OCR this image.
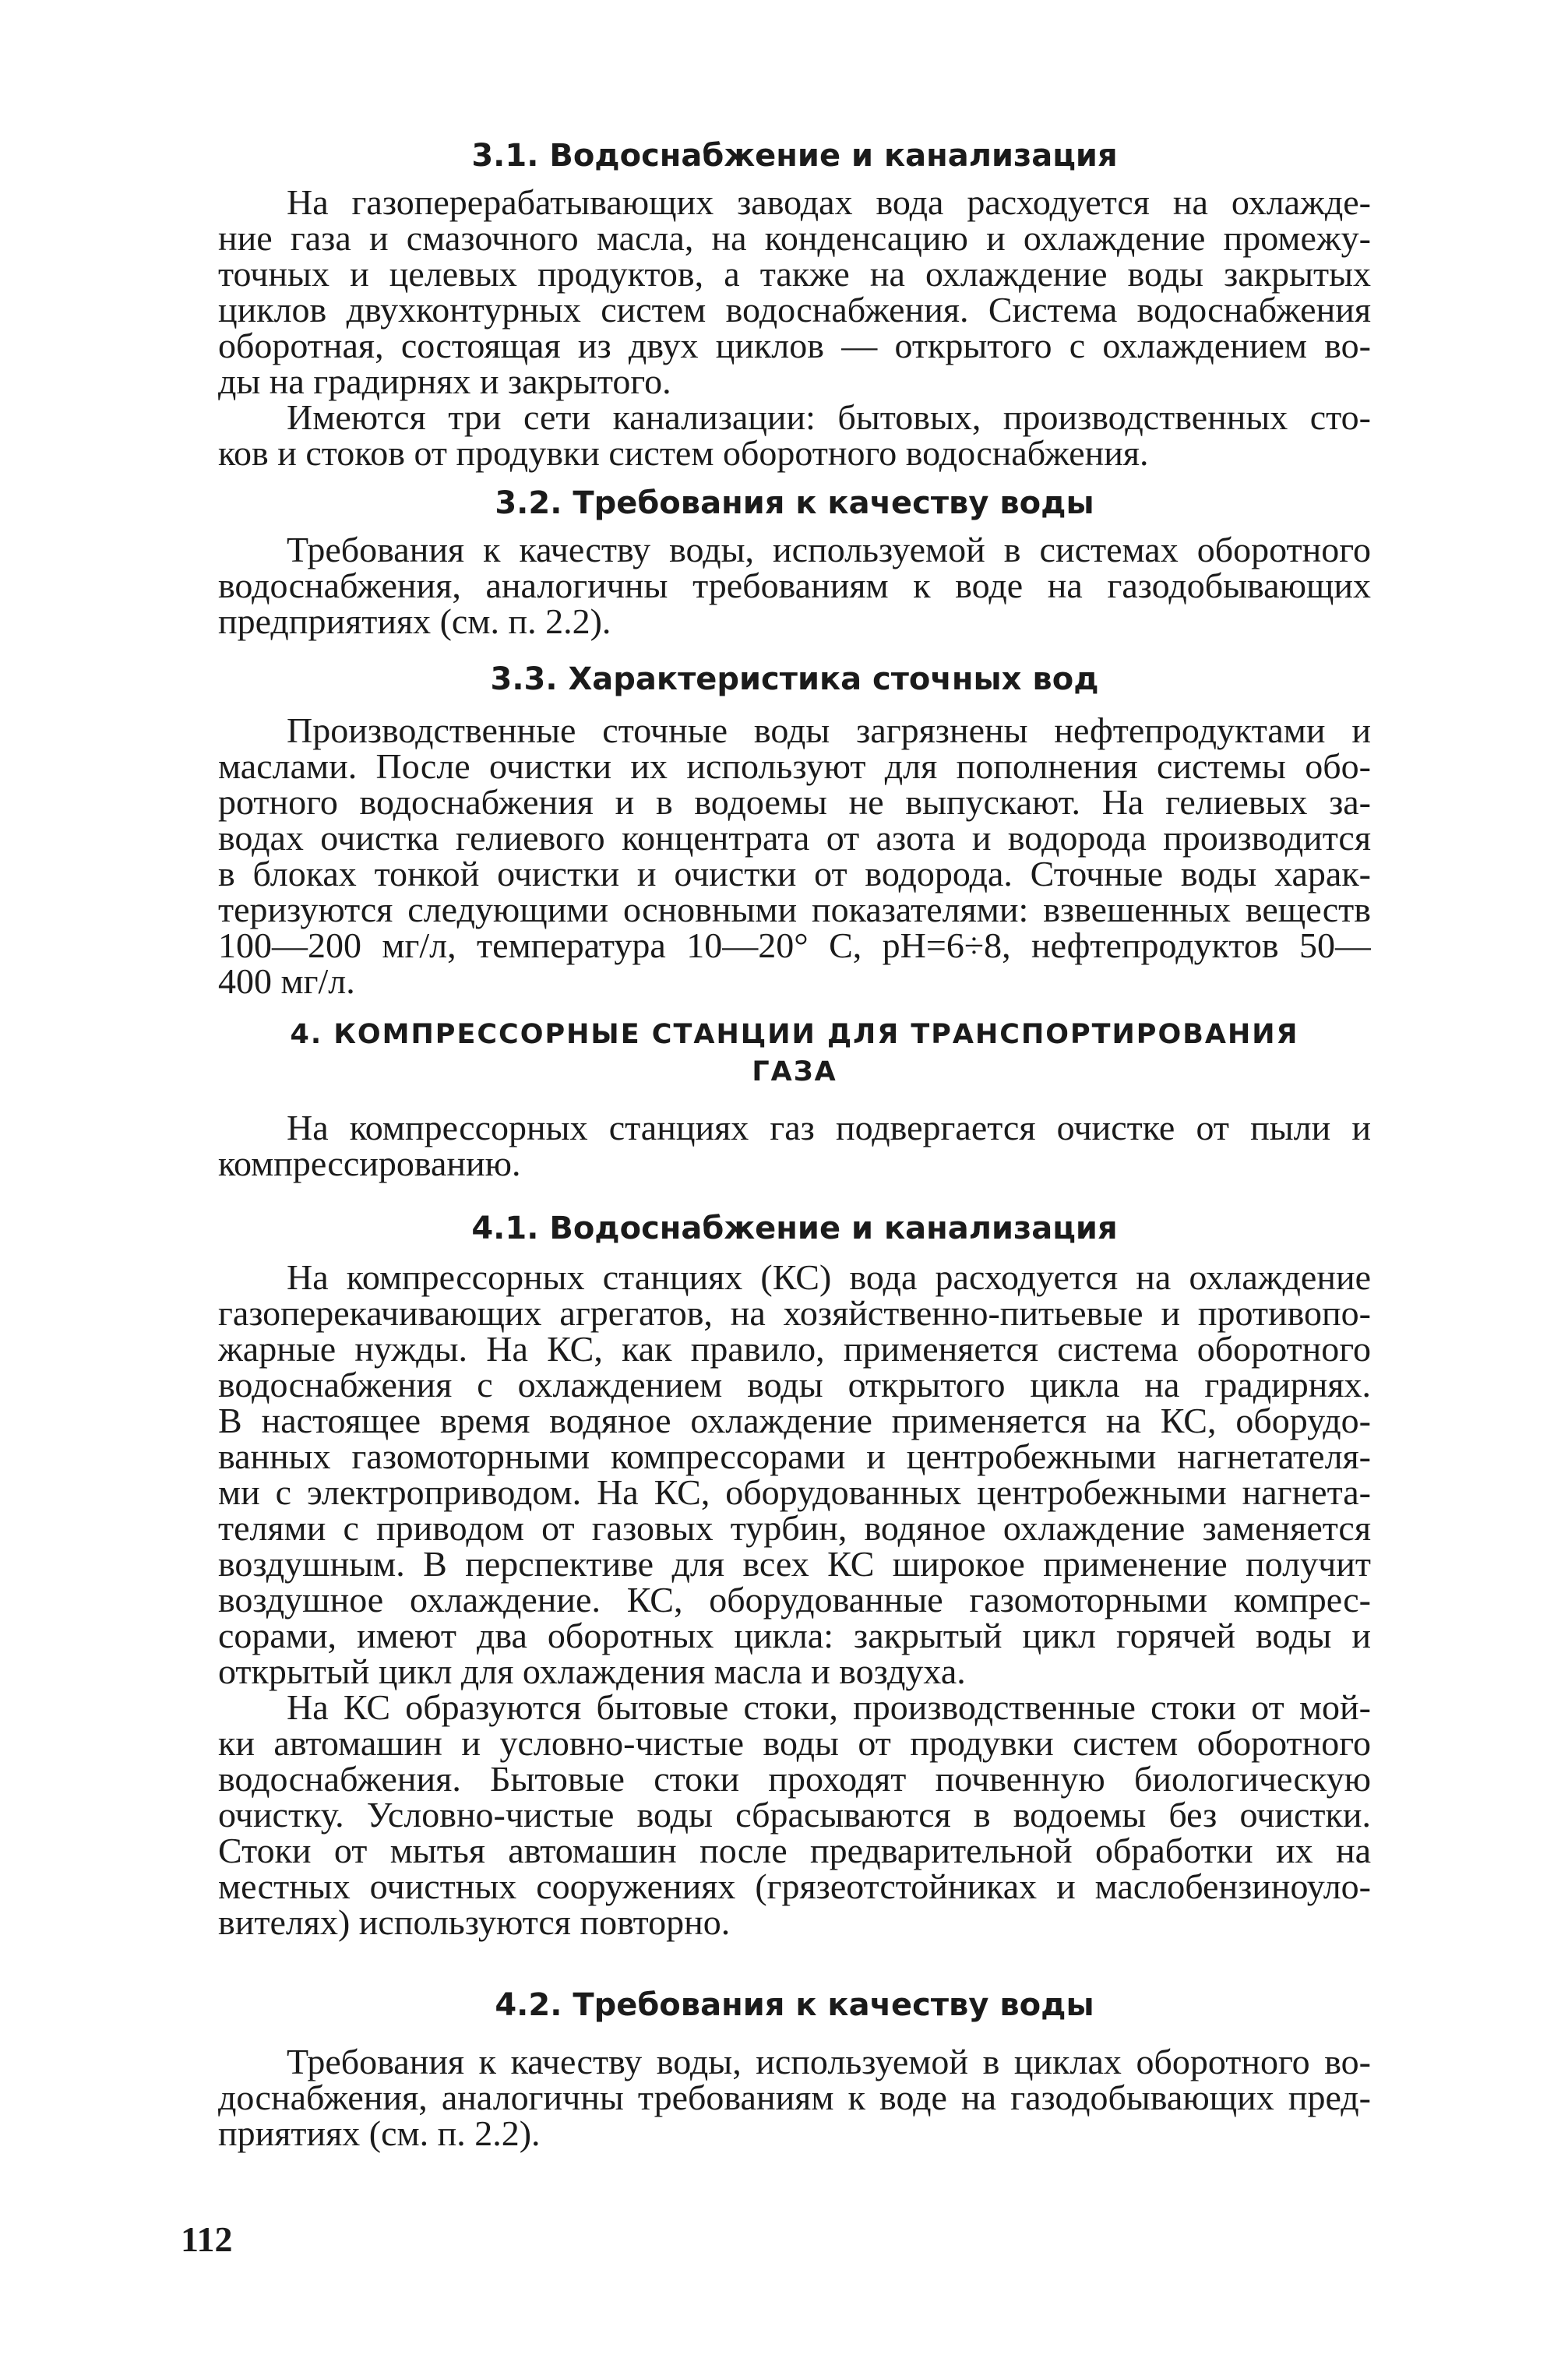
3.1. Водоснабжение и канализация

На газоперерабатывающих заводах вода расходуется на охлажде-

ние газа и смазочного масла, на конденсацию и охлаждение промежу-

точных и целевых продуктов, а также на охлаждение воды закрытых

циклов двухконтурных систем водоснабжения. Система водоснабжения

оборотная, состоящая из двух циклов — открытого с охлаждением во-

ды на градирнях и закрытого.

Имеются три сети канализации: бытовых, производственных сто-

ков и стоков от продувки систем оборотного водоснабжения.

3.2. Требования к качеству воды

Требования к качеству воды, используемой в системах оборотного

водоснабжения, аналогичны требованиям к воде на газодобывающих

предприятиях (см. п. 2.2).

3.3. Характеристика сточных вод

Производственные сточные воды загрязнены нефтепродуктами и

маслами. После очистки их используют для пополнения системы обо-

ротного водоснабжения и в водоемы не выпускают. На гелиевых за-

водах очистка гелиевого концентрата от азота и водорода производится

в блоках тонкой очистки и очистки от водорода. Сточные воды харак-

теризуются следующими основными показателями: взвешенных веществ

100—200 мг/л, температура 10—20° С, pH=6÷8, нефтепродуктов 50—

400 мг/л.

4. КОМПРЕССОРНЫЕ СТАНЦИИ ДЛЯ ТРАНСПОРТИРОВАНИЯ
ГАЗА

На компрессорных станциях газ подвергается очистке от пыли и

компрессированию.

4.1. Водоснабжение и канализация

На компрессорных станциях (КС) вода расходуется на охлаждение

газоперекачивающих агрегатов, на хозяйственно-питьевые и противопо-

жарные нужды. На КС, как правило, применяется система оборотного

водоснабжения с охлаждением воды открытого цикла на градирнях.

В настоящее время водяное охлаждение применяется на КС, оборудо-

ванных газомоторными компрессорами и центробежными нагнетателя-

ми с электроприводом. На КС, оборудованных центробежными нагнета-

телями с приводом от газовых турбин, водяное охлаждение заменяется

воздушным. В перспективе для всех КС широкое применение получит

воздушное охлаждение. КС, оборудованные газомоторными компрес-

сорами, имеют два оборотных цикла: закрытый цикл горячей воды и

открытый цикл для охлаждения масла и воздуха.

На КС образуются бытовые стоки, производственные стоки от мой-

ки автомашин и условно-чистые воды от продувки систем оборотного

водоснабжения. Бытовые стоки проходят почвенную биологическую

очистку. Условно-чистые воды сбрасываются в водоемы без очистки.

Стоки от мытья автомашин после предварительной обработки их на

местных очистных сооружениях (грязеотстойниках и маслобензиноуло-

вителях) используются повторно.

4.2. Требования к качеству воды

Требования к качеству воды, используемой в циклах оборотного во-

доснабжения, аналогичны требованиям к воде на газодобывающих пред-

приятиях (см. п. 2.2).

112
